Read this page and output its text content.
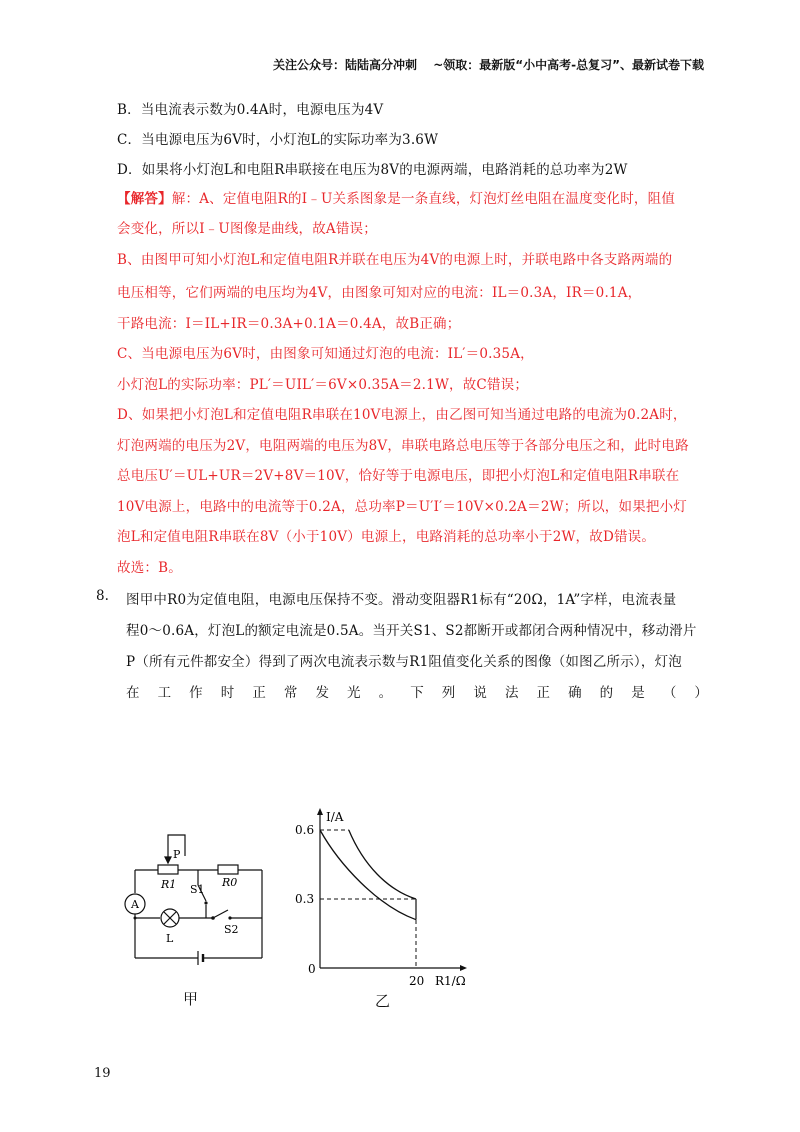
关注公众号：陆陆高分冲刺 ~领取：最新版“小中高考-总复习”、最新试卷下载
B．当电流表示数为0.4A时，电源电压为4V
C．当电源电压为6V时，小灯泡L的实际功率为3.6W
D．如果将小灯泡L和电阻R串联接在电压为8V的电源两端，电路消耗的总功率为2W
【解答】解：A、定值电阻R的I﹣U关系图象是一条直线，灯泡灯丝电阻在温度变化时，阻值
会变化，所以I﹣U图像是曲线，故A错误；
B、由图甲可知小灯泡L和定值电阻R并联在电压为4V的电源上时，并联电路中各支路两端的
电压相等，它们两端的电压均为4V，由图象可知对应的电流：IL＝0.3A，IR＝0.1A，
干路电流：I＝IL+IR＝0.3A+0.1A＝0.4A，故B正确；
C、当电源电压为6V时，由图象可知通过灯泡的电流：IL′＝0.35A，
小灯泡L的实际功率：PL′＝UIL′＝6V×0.35A＝2.1W，故C错误；
D、如果把小灯泡L和定值电阻R串联在10V电源上，由乙图可知当通过电路的电流为0.2A时，
灯泡两端的电压为2V，电阻两端的电压为8V，串联电路总电压等于各部分电压之和，此时电路
总电压U′＝UL+UR＝2V+8V＝10V，恰好等于电源电压，即把小灯泡L和定值电阻R串联在
10V电源上，电路中的电流等于0.2A，总功率P＝U′I′＝10V×0.2A＝2W；所以，如果把小灯
泡L和定值电阻R串联在8V（小于10V）电源上，电路消耗的总功率小于2W，故D错误。
故选：B。
8. 图甲中R0为定值电阻，电源电压保持不变。滑动变阻器R1标有“20Ω，1A”字样，电流表量
程0～0.6A，灯泡L的额定电流是0.5A。当开关S1、S2都断开或都闭合两种情况中，移动滑片
P（所有元件都安全）得到了两次电流表示数与R1阻值变化关系的图像（如图乙所示），灯泡
在 工 作 时 正 常 发 光 。 下 列 说 法 正 确 的 是 （ ）
P
R1 S1
R0
A
L
S2
甲
I/A
R1/Ω
0.6
0.3
0
20
乙
19
